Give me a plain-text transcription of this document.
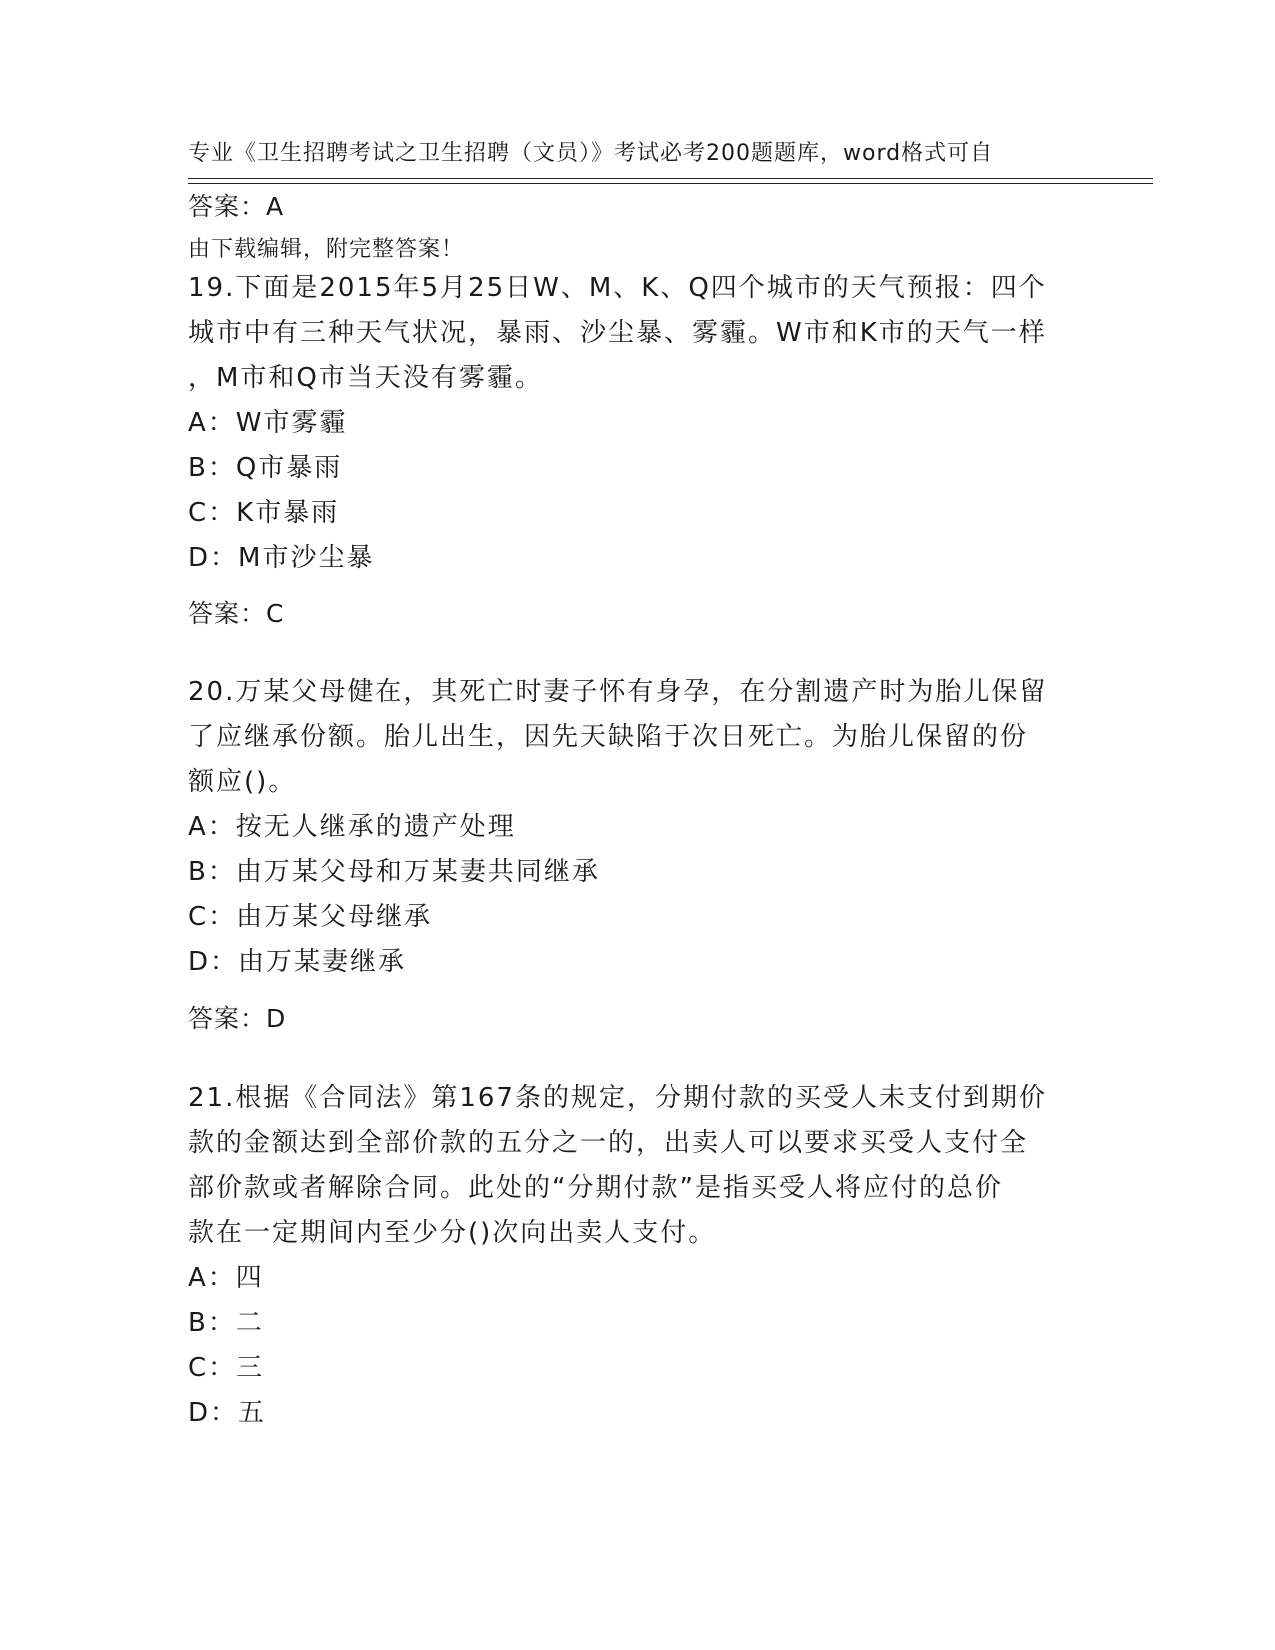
专业《卫生招聘考试之卫生招聘（文员）》考试必考200题题库，word格式可自

由下载编辑，附完整答案！

答案：A
19.下面是2015年5月25日W、M、K、Q四个城市的天气预报：四个
城市中有三种天气状况，暴雨、沙尘暴、雾霾。W市和K市的天气一样
，M市和Q市当天没有雾霾。
A：W市雾霾
B：Q市暴雨
C：K市暴雨
D：M市沙尘暴
答案：C
20.万某父母健在，其死亡时妻子怀有身孕，在分割遗产时为胎儿保留
了应继承份额。胎儿出生，因先天缺陷于次日死亡。为胎儿保留的份
额应()。
A：按无人继承的遗产处理
B：由万某父母和万某妻共同继承
C：由万某父母继承
D：由万某妻继承
答案：D
21.根据《合同法》第167条的规定，分期付款的买受人未支付到期价
款的金额达到全部价款的五分之一的，出卖人可以要求买受人支付全
部价款或者解除合同。此处的“分期付款”是指买受人将应付的总价
款在一定期间内至少分()次向出卖人支付。
A：四
B：二
C：三
D：五
